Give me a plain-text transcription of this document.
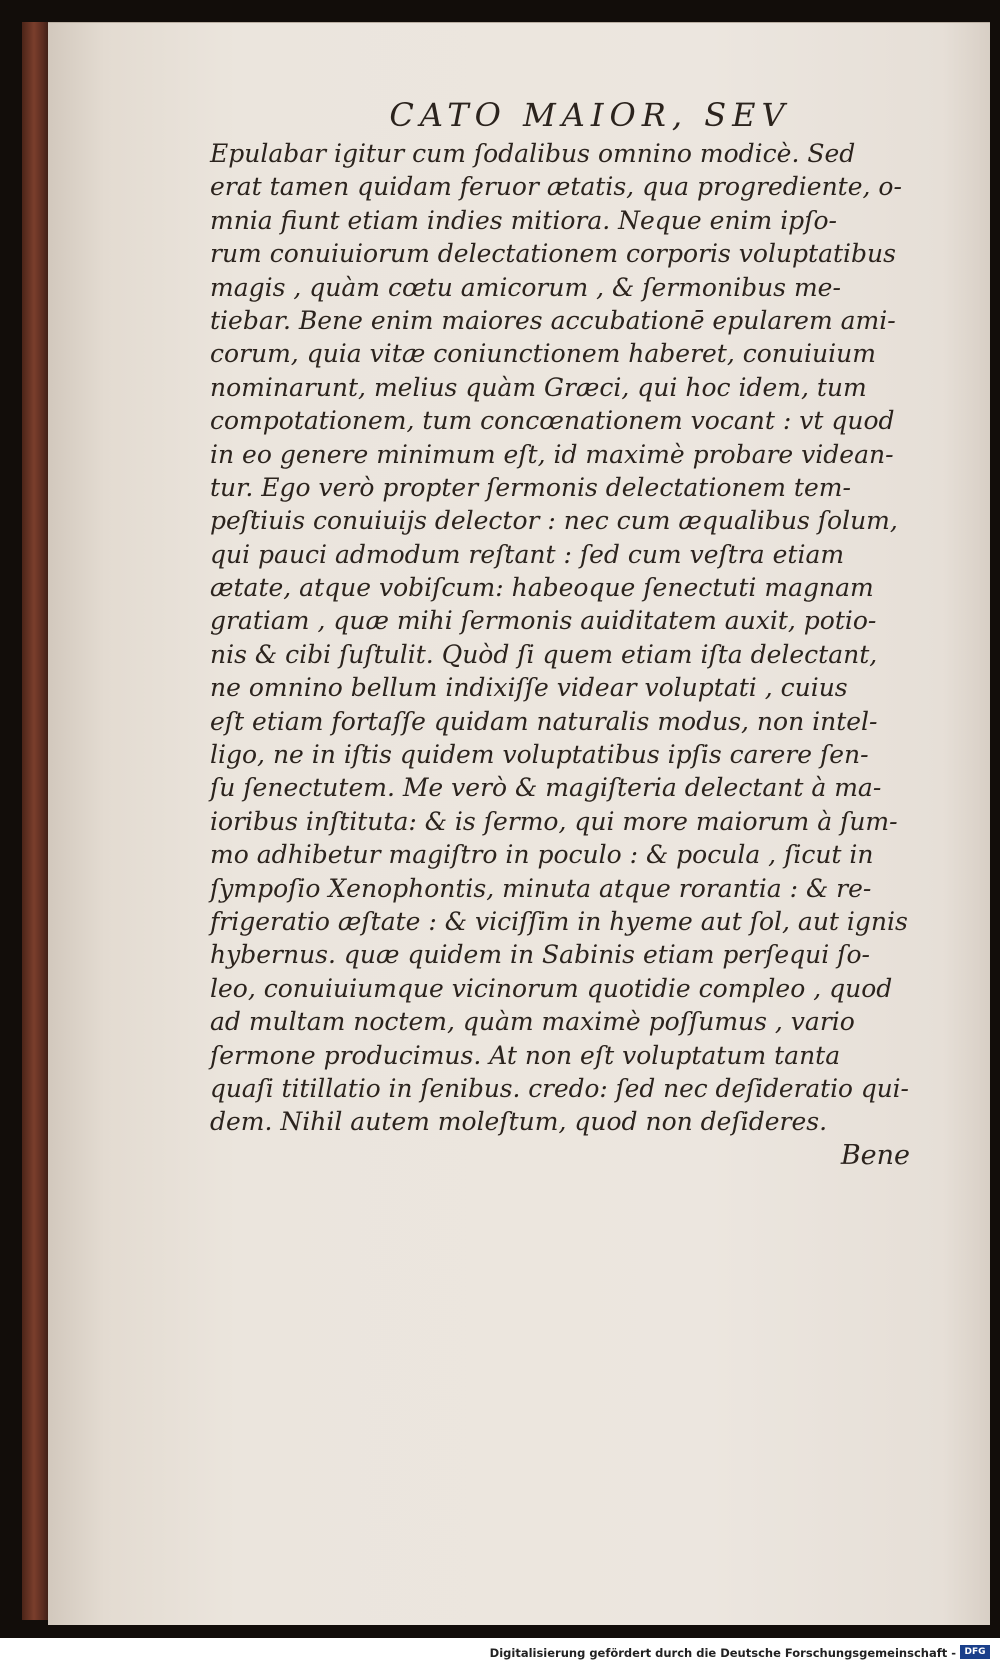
CATO MAIOR, SEV
Epulabar igitur cum ſodalibus omnino modicè. Sed
erat tamen quidam feruor ætatis, qua progrediente, o-
mnia fiunt etiam indies mitiora. Neque enim ipſo-
rum conuiuiorum delectationem corporis voluptatibus
magis , quàm cœtu amicorum , & ſermonibus me-
tiebar. Bene enim maiores accubationē epularem ami-
corum, quia vitæ coniunctionem haberet, conuiuium
nominarunt, melius quàm Græci, qui hoc idem, tum
compotationem, tum concœnationem vocant : vt quod
in eo genere minimum eſt, id maximè probare videan-
tur. Ego verò propter ſermonis delectationem tem-
peſtiuis conuiuijs delector : nec cum æqualibus ſolum,
qui pauci admodum reſtant : ſed cum veſtra etiam
ætate, atque vobiſcum: habeoque ſenectuti magnam
gratiam , quæ mihi ſermonis auiditatem auxit, potio-
nis & cibi ſuſtulit. Quòd ſi quem etiam iſta delectant,
ne omnino bellum indixiſſe videar voluptati , cuius
eſt etiam fortaſſe quidam naturalis modus, non intel-
ligo, ne in iſtis quidem voluptatibus ipſis carere ſen-
ſu ſenectutem. Me verò & magiſteria delectant à ma-
ioribus inſtituta: & is ſermo, qui more maiorum à ſum-
mo adhibetur magiſtro in poculo : & pocula , ſicut in
ſympoſio Xenophontis, minuta atque rorantia : & re-
frigeratio æſtate : & viciſſim in hyeme aut ſol, aut ignis
hybernus. quæ quidem in Sabinis etiam perſequi ſo-
leo, conuiuiumque vicinorum quotidie compleo , quod
ad multam noctem, quàm maximè poſſumus , vario
ſermone producimus. At non eſt voluptatum tanta
quaſi titillatio in ſenibus. credo: ſed nec deſideratio qui-
dem. Nihil autem moleſtum, quod non deſideres.
Bene
Digitalisierung gefördert durch die Deutsche Forschungsgemeinschaft - DFG
